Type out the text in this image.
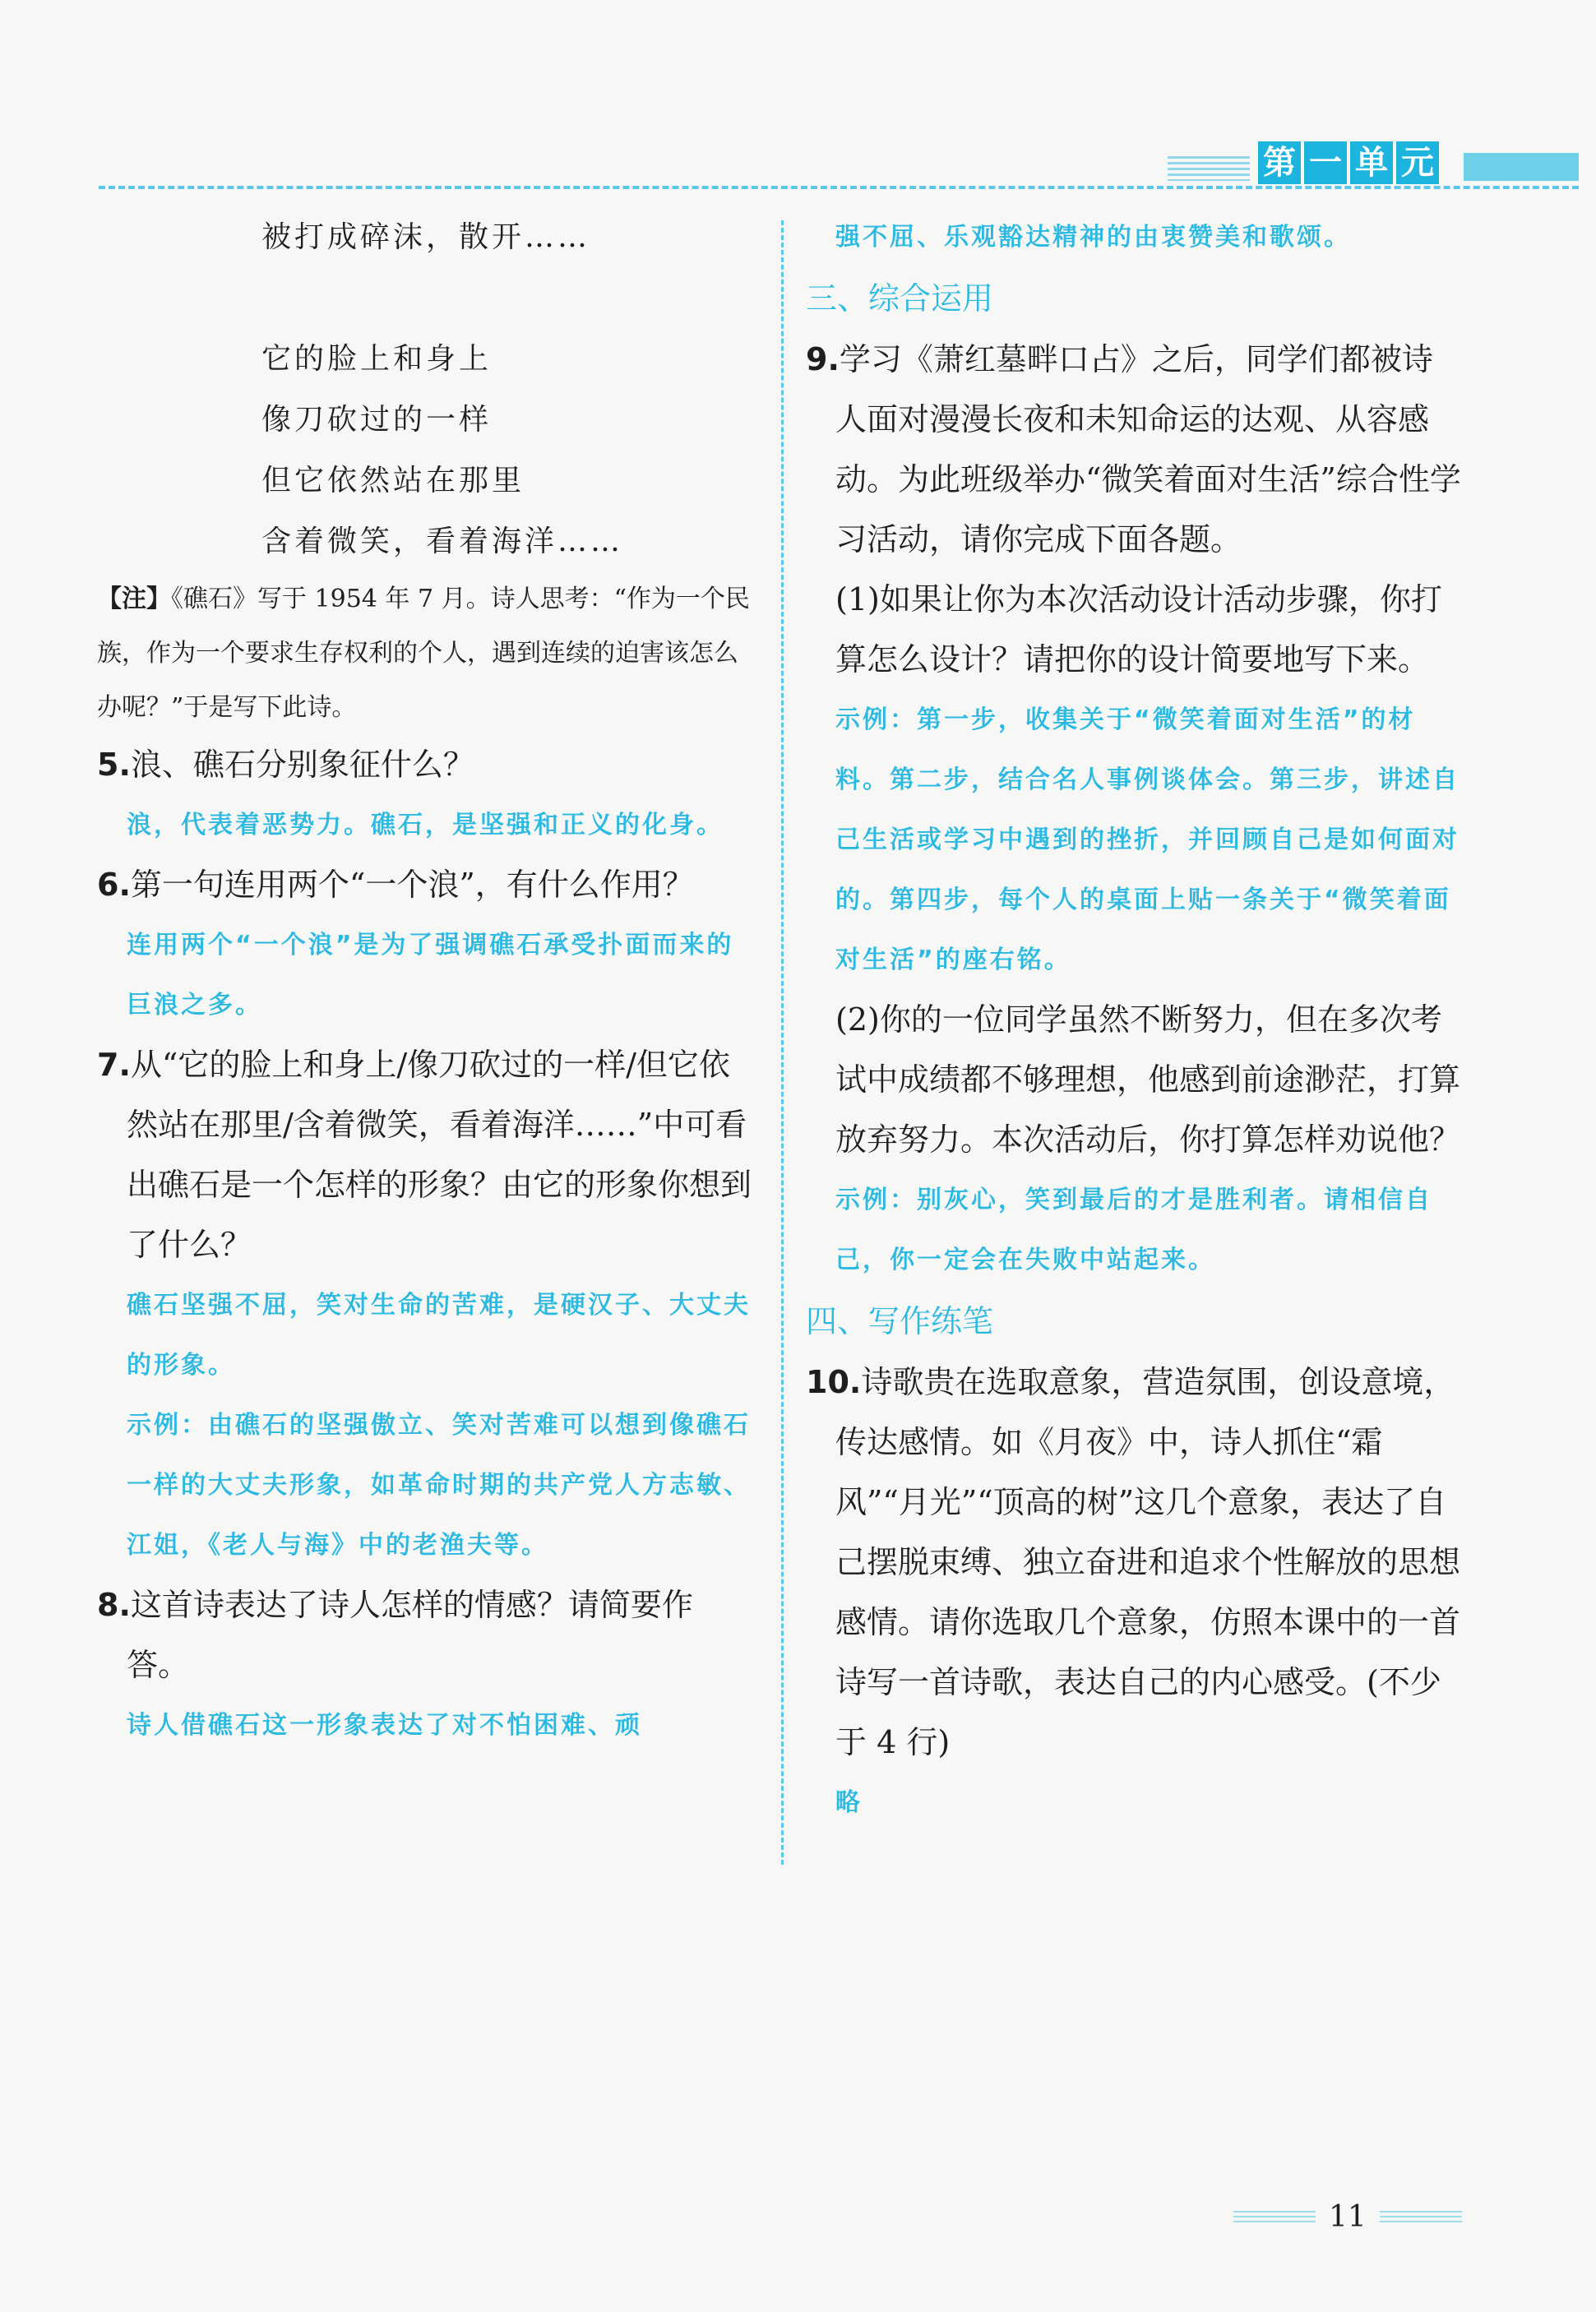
第 一 单 元
被打成碎沫，散开……
它的脸上和身上
像刀砍过的一样
但它依然站在那里
含着微笑，看着海洋……
【注】《礁石》写于 1954 年 7 月。诗人思考：“作为一个民族，作为一个要求生存权利的个人，遇到连续的迫害该怎么办呢？”于是写下此诗。
5.浪、礁石分别象征什么？
浪，代表着恶势力。礁石，是坚强和正义的化身。
6.第一句连用两个“一个浪”，有什么作用？
连用两个“一个浪”是为了强调礁石承受扑面而来的巨浪之多。
7.从“它的脸上和身上/像刀砍过的一样/但它依然站在那里/含着微笑，看着海洋……”中可看出礁石是一个怎样的形象？由它的形象你想到了什么？
礁石坚强不屈，笑对生命的苦难，是硬汉子、大丈夫的形象。
示例：由礁石的坚强傲立、笑对苦难可以想到像礁石一样的大丈夫形象，如革命时期的共产党人方志敏、江姐，《老人与海》中的老渔夫等。
8.这首诗表达了诗人怎样的情感？请简要作答。
诗人借礁石这一形象表达了对不怕困难、顽
强不屈、乐观豁达精神的由衷赞美和歌颂。
三、综合运用
9.学习《萧红墓畔口占》之后，同学们都被诗人面对漫漫长夜和未知命运的达观、从容感动。为此班级举办“微笑着面对生活”综合性学习活动，请你完成下面各题。
(1)如果让你为本次活动设计活动步骤，你打算怎么设计？请把你的设计简要地写下来。
示例：第一步，收集关于“微笑着面对生活”的材料。第二步，结合名人事例谈体会。第三步，讲述自己生活或学习中遇到的挫折，并回顾自己是如何面对的。第四步，每个人的桌面上贴一条关于“微笑着面对生活”的座右铭。
(2)你的一位同学虽然不断努力，但在多次考试中成绩都不够理想，他感到前途渺茫，打算放弃努力。本次活动后，你打算怎样劝说他？
示例：别灰心，笑到最后的才是胜利者。请相信自己，你一定会在失败中站起来。
四、写作练笔
10.诗歌贵在选取意象，营造氛围，创设意境，传达感情。如《月夜》中，诗人抓住“霜风”“月光”“顶高的树”这几个意象，表达了自己摆脱束缚、独立奋进和追求个性解放的思想感情。请你选取几个意象，仿照本课中的一首诗写一首诗歌，表达自己的内心感受。(不少于 4 行)
略
11
